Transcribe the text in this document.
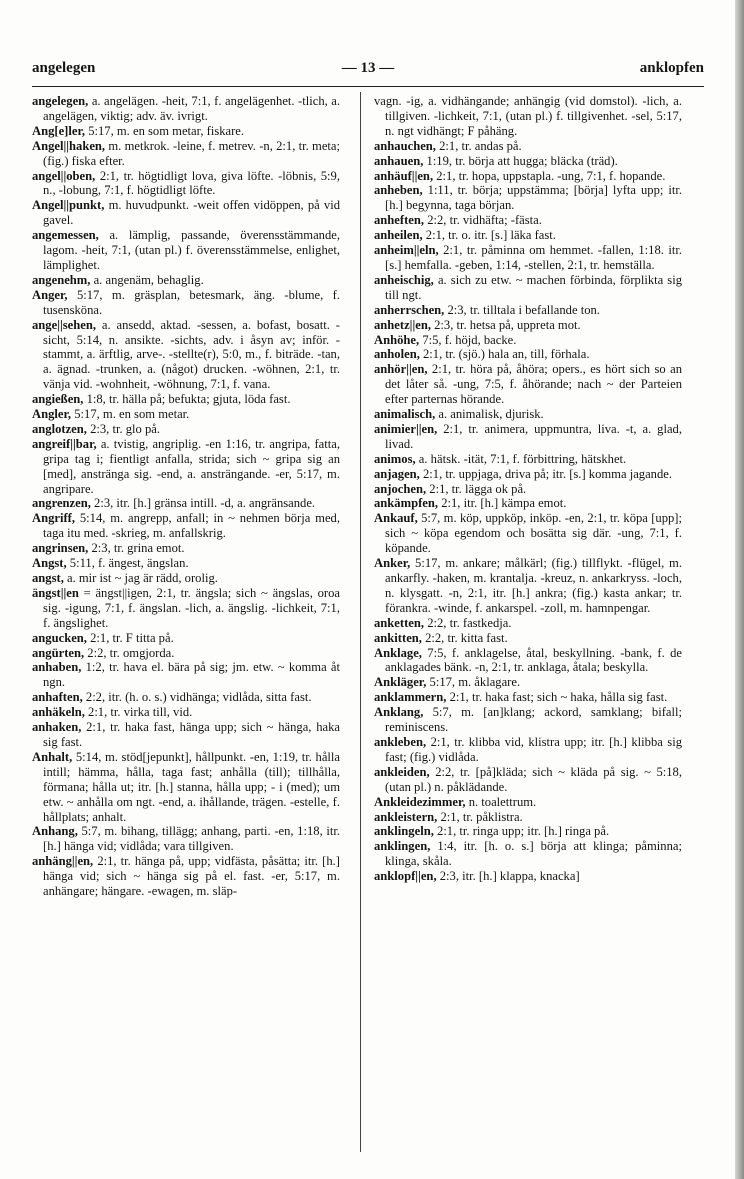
angelegen	— 13 —	anklopfen

angelegen, a. angelägen. -heit, 7:1, f. angelägenhet. -tlich, a. angelägen, viktig; adv. äv. ivrigt.

Ang[e]ler, 5:17, m. en som metar, fiskare.

Angel||haken, m. metkrok. -leine, f. metrev. -n, 2:1, tr. meta; (fig.) fiska efter.

angel||oben, 2:1, tr. högtidligt lova, giva löfte. -löbnis, 5:9, n., -lobung, 7:1, f. högtidligt löfte.

Angel||punkt, m. huvudpunkt. -weit offen vidöppen, på vid gavel.

angemessen, a. lämplig, passande, överensstämmande, lagom. -heit, 7:1, (utan pl.) f. överensstämmelse, enlighet, lämplighet.

angenehm, a. angenäm, behaglig.

Anger, 5:17, m. gräsplan, betesmark, äng. -blume, f. tusensköna.

ange||sehen, a. ansedd, aktad. -sessen, a. bofast, bosatt. -sicht, 5:14, n. ansikte. -sichts, adv. i åsyn av; inför. -stammt, a. ärftlig, arve-. -stellte(r), 5:0, m., f. biträde. -tan, a. ägnad. -trunken, a. (något) drucken. -wöhnen, 2:1, tr. vänja vid. -wohnheit, -wöhnung, 7:1, f. vana.

angießen, 1:8, tr. hälla på; befukta; gjuta, löda fast.

Angler, 5:17, m. en som metar.

anglotzen, 2:3, tr. glo på.

angreif||bar, a. tvistig, angriplig. -en 1:16, tr. angripa, fatta, gripa tag i; fientligt anfalla, strida; sich ~ gripa sig an [med], anstränga sig. -end, a. ansträngande. -er, 5:17, m. angripare.

angrenzen, 2:3, itr. [h.] gränsa intill. -d, a. angränsande.

Angriff, 5:14, m. angrepp, anfall; in ~ nehmen börja med, taga itu med. -skrieg, m. anfallskrig.

angrinsen, 2:3, tr. grina emot.

Angst, 5:11, f. ängest, ängslan.

angst, a. mir ist ~ jag är rädd, orolig.

ängst||en = ängst||igen, 2:1, tr. ängsla; sich ~ ängslas, oroa sig. -igung, 7:1, f. ängslan. -lich, a. ängslig. -lichkeit, 7:1, f. ängslighet.

angucken, 2:1, tr. F titta på.

angürten, 2:2, tr. omgjorda.

anhaben, 1:2, tr. hava el. bära på sig; jm. etw. ~ komma åt ngn.

anhaften, 2:2, itr. (h. o. s.) vidhänga; vidlåda, sitta fast.

anhäkeln, 2:1, tr. virka till, vid.

anhaken, 2:1, tr. haka fast, hänga upp; sich ~ hänga, haka sig fast.

Anhalt, 5:14, m. stöd[jepunkt], hållpunkt. -en, 1:19, tr. hålla intill; hämma, hålla, taga fast; anhålla (till); tillhålla, förmana; hålla ut; itr. [h.] stanna, hålla upp; - i (med); um etw. ~ anhålla om ngt. -end, a. ihållande, trägen. -estelle, f. hållplats; anhalt.

Anhang, 5:7, m. bihang, tillägg; anhang, parti. -en, 1:18, itr. [h.] hänga vid; vidlåda; vara tillgiven.

anhäng||en, 2:1, tr. hänga på, upp; vidfästa, påsätta; itr. [h.] hänga vid; sich ~ hänga sig på el. fast. -er, 5:17, m. anhängare; hängare. -ewagen, m. släp-

vagn. -ig, a. vidhängande; anhängig (vid domstol). -lich, a. tillgiven. -lichkeit, 7:1, (utan pl.) f. tillgivenhet. -sel, 5:17, n. ngt vidhängt; F påhäng.

anhauchen, 2:1, tr. andas på.

anhauen, 1:19, tr. börja att hugga; bläcka (träd).

anhäuf||en, 2:1, tr. hopa, uppstapla. -ung, 7:1, f. hopande.

anheben, 1:11, tr. börja; uppstämma; [börja] lyfta upp; itr. [h.] begynna, taga början.

anheften, 2:2, tr. vidhäfta; -fästa.

anheilen, 2:1, tr. o. itr. [s.] läka fast.

anheim||eln, 2:1, tr. påminna om hemmet. -fallen, 1:18. itr. [s.] hemfalla. -geben, 1:14, -stellen, 2:1, tr. hemställa.

anheischig, a. sich zu etw. ~ machen förbinda, förplikta sig till ngt.

anherrschen, 2:3, tr. tilltala i befallande ton.

anhetz||en, 2:3, tr. hetsa på, uppreta mot.

Anhöhe, 7:5, f. höjd, backe.

anholen, 2:1, tr. (sjö.) hala an, till, förhala.

anhör||en, 2:1, tr. höra på, åhöra; opers., es hört sich so an det låter så. -ung, 7:5, f. åhörande; nach ~ der Parteien efter parternas hörande.

animalisch, a. animalisk, djurisk.

animier||en, 2:1, tr. animera, uppmuntra, liva. -t, a. glad, livad.

animos, a. hätsk. -ität, 7:1, f. förbittring, hätskhet.

anjagen, 2:1, tr. uppjaga, driva på; itr. [s.] komma jagande.

anjochen, 2:1, tr. lägga ok på.

ankämpfen, 2:1, itr. [h.] kämpa emot.

Ankauf, 5:7, m. köp, uppköp, inköp. -en, 2:1, tr. köpa [upp]; sich ~ köpa egendom och bosätta sig där. -ung, 7:1, f. köpande.

Anker, 5:17, m. ankare; målkärl; (fig.) tillflykt. -flügel, m. ankarfly. -haken, m. krantalja. -kreuz, n. ankarkryss. -loch, n. klysgatt. -n, 2:1, itr. [h.] ankra; (fig.) kasta ankar; tr. förankra. -winde, f. ankarspel. -zoll, m. hamnpengar.

anketten, 2:2, tr. fastkedja.

ankitten, 2:2, tr. kitta fast.

Anklage, 7:5, f. anklagelse, åtal, beskyllning. -bank, f. de anklagades bänk. -n, 2:1, tr. anklaga, åtala; beskylla.

Ankläger, 5:17, m. åklagare.

anklammern, 2:1, tr. haka fast; sich ~ haka, hålla sig fast.

Anklang, 5:7, m. [an]klang; ackord, samklang; bifall; reminiscens.

ankleben, 2:1, tr. klibba vid, klistra upp; itr. [h.] klibba sig fast; (fig.) vidlåda.

ankleiden, 2:2, tr. [på]kläda; sich ~ kläda på sig. ~ 5:18, (utan pl.) n. påklädande.

Ankleidezimmer, n. toalettrum.

ankleistern, 2:1, tr. påklistra.

anklingeln, 2:1, tr. ringa upp; itr. [h.] ringa på.

anklingen, 1:4, itr. [h. o. s.] börja att klinga; påminna; klinga, skåla.

anklopf||en, 2:3, itr. [h.] klappa, knacka]
